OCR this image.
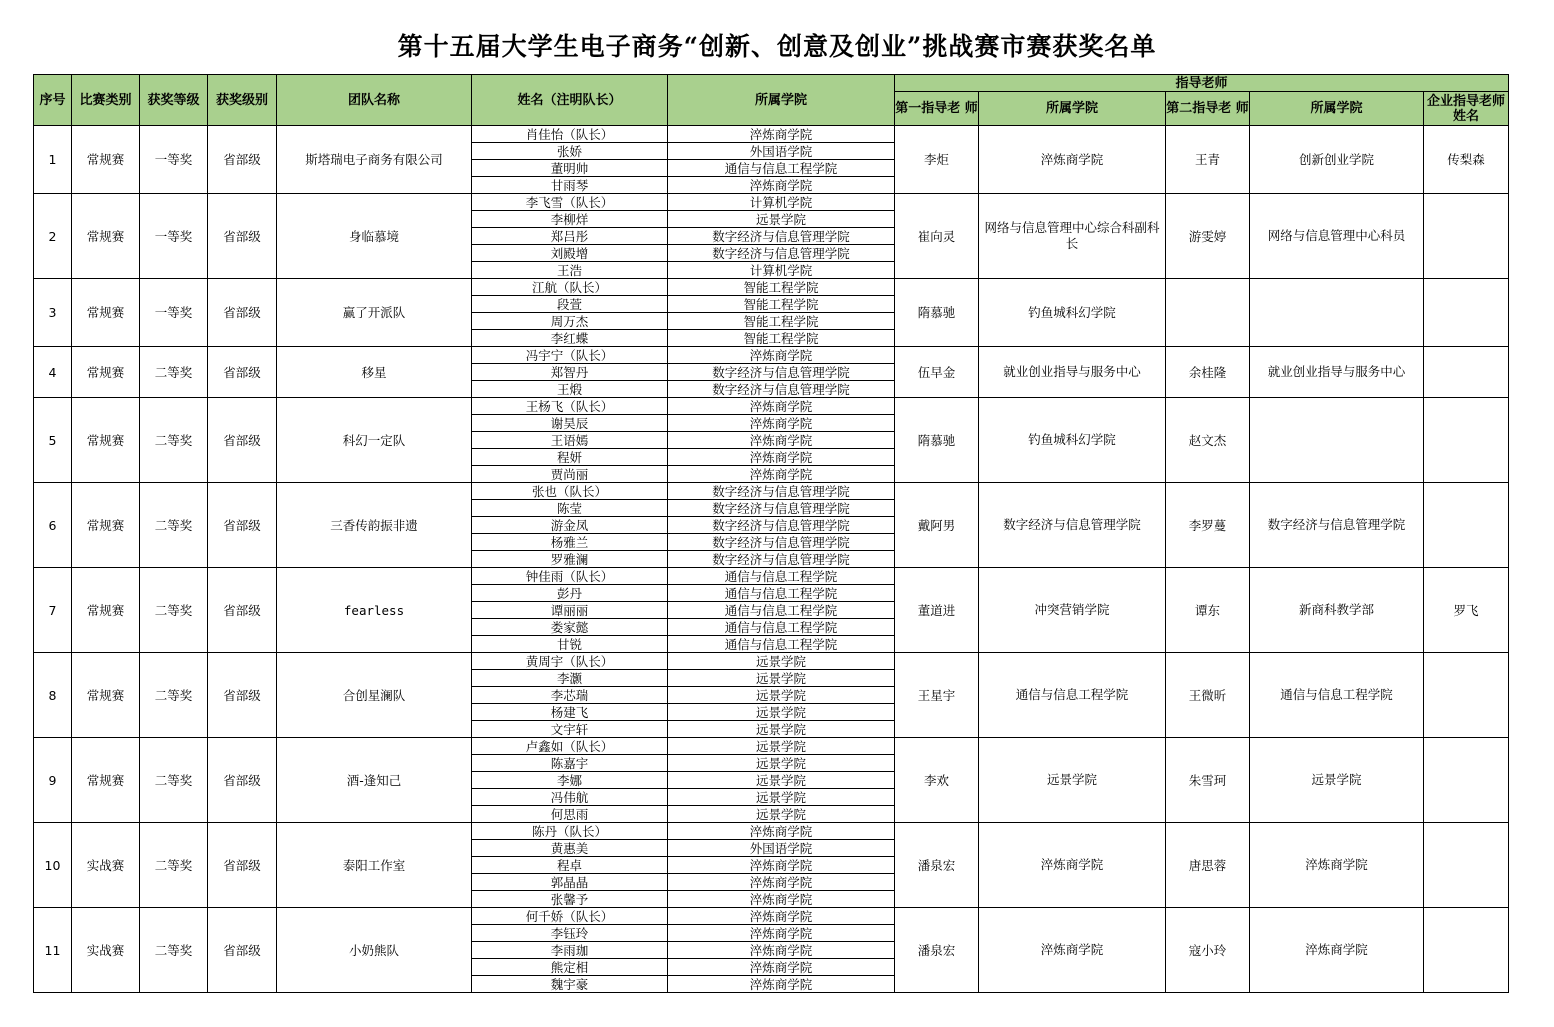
第十五届大学生电子商务“创新、创意及创业”挑战赛市赛获奖名单
序号	比赛类别	获奖等级	获奖级别	团队名称	姓名（注明队长）	所属学院	指导老师				
							第一指导老 师	所属学院	第二指导老 师	所属学院	企业指导老师姓名
1	常规赛	一等奖	省部级	斯塔瑞电子商务有限公司	肖佳怡（队长）	淬炼商学院	李炬	淬炼商学院	王青	创新创业学院	传梨森
					张娇	外国语学院					
					董明帅	通信与信息工程学院					
					甘雨琴	淬炼商学院					
2	常规赛	一等奖	省部级	身临慕境	李飞雪（队长）	计算机学院	崔向灵	网络与信息管理中心综合科副科长	游雯婷	网络与信息管理中心科员	
					李柳烊	远景学院					
					郑吕彤	数字经济与信息管理学院					
					刘殿增	数字经济与信息管理学院					
					王浩	计算机学院					
3	常规赛	一等奖	省部级	赢了开派队	江航（队长）	智能工程学院	隋慕驰	钓鱼城科幻学院			
					段萱	智能工程学院					
					周万杰	智能工程学院					
					李红蝶	智能工程学院					
4	常规赛	二等奖	省部级	移星	冯宇宁（队长）	淬炼商学院	伍早金	就业创业指导与服务中心	余桂隆	就业创业指导与服务中心	
					郑智丹	数字经济与信息管理学院					
					王煅	数字经济与信息管理学院					
5	常规赛	二等奖	省部级	科幻一定队	王杨飞（队长）	淬炼商学院	隋慕驰	钓鱼城科幻学院	赵文杰		
					谢昊辰	淬炼商学院					
					王语嫣	淬炼商学院					
					程妍	淬炼商学院					
					贾尚丽	淬炼商学院					
6	常规赛	二等奖	省部级	三香传韵振非遗	张也（队长）	数字经济与信息管理学院	戴阿男	数字经济与信息管理学院	李罗蔓	数字经济与信息管理学院	
					陈莹	数字经济与信息管理学院					
					游金凤	数字经济与信息管理学院					
					杨雅兰	数字经济与信息管理学院					
					罗雅澜	数字经济与信息管理学院					
7	常规赛	二等奖	省部级	fearless	钟佳雨（队长）	通信与信息工程学院	董道进	冲突营销学院	谭东	新商科教学部	罗飞
					彭丹	通信与信息工程学院					
					谭丽丽	通信与信息工程学院					
					娄家懿	通信与信息工程学院					
					甘锐	通信与信息工程学院					
8	常规赛	二等奖	省部级	合创星澜队	黄周宇（队长）	远景学院	王星宇	通信与信息工程学院	王微昕	通信与信息工程学院	
					李灏	远景学院					
					李芯瑞	远景学院					
					杨建飞	远景学院					
					文宇轩	远景学院					
9	常规赛	二等奖	省部级	酒-逢知己	卢鑫如（队长）	远景学院	李欢	远景学院	朱雪珂	远景学院	
					陈嘉宇	远景学院					
					李娜	远景学院					
					冯伟航	远景学院					
					何思雨	远景学院					
10	实战赛	二等奖	省部级	泰阳工作室	陈丹（队长）	淬炼商学院	潘泉宏	淬炼商学院	唐思蓉	淬炼商学院	
					黄惠美	外国语学院					
					程卓	淬炼商学院					
					郭晶晶	淬炼商学院					
					张馨予	淬炼商学院					
11	实战赛	二等奖	省部级	小奶熊队	何千娇（队长）	淬炼商学院	潘泉宏	淬炼商学院	寇小玲	淬炼商学院	
					李钰玲	淬炼商学院					
					李雨珈	淬炼商学院					
					熊定相	淬炼商学院					
					魏宇豪	淬炼商学院					
